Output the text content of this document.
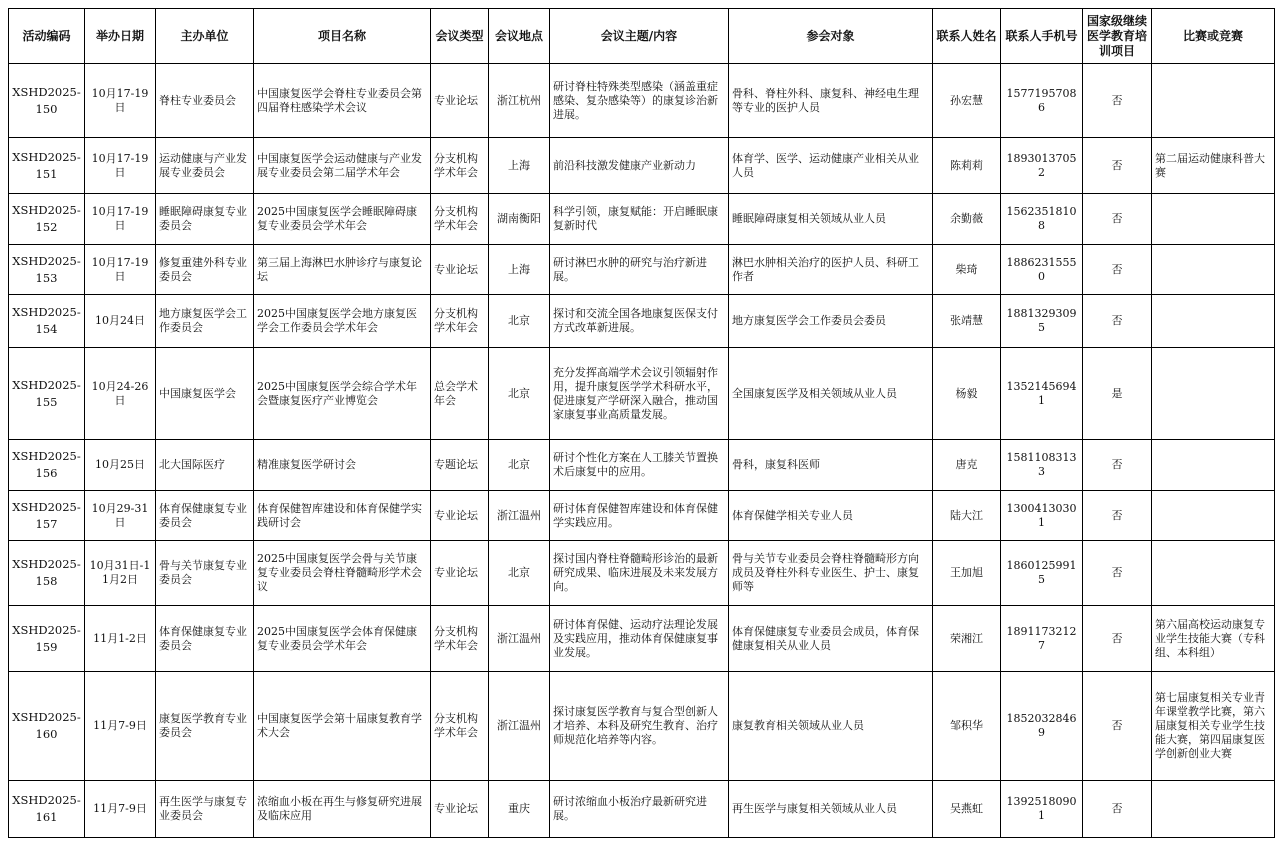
活动编码	举办日期	主办单位	项目名称	会议类型	会议地点	会议主题/内容	参会对象	联系人姓名	联系人手机号	国家级继续医学教育培训项目	比赛或竞赛
XSHD2025-150	10月17-19日	脊柱专业委员会	中国康复医学会脊柱专业委员会第四届脊柱感染学术会议	专业论坛	浙江杭州	研讨脊柱特殊类型感染（涵盖重症感染、复杂感染等）的康复诊治新进展。	骨科、脊柱外科、康复科、神经电生理等专业的医护人员	孙宏慧	15771957086	否	
XSHD2025-151	10月17-19日	运动健康与产业发展专业委员会	中国康复医学会运动健康与产业发展专业委员会第二届学术年会	分支机构学术年会	上海	前沿科技激发健康产业新动力	体育学、医学、运动健康产业相关从业人员	陈莉莉	18930137052	否	第二届运动健康科普大赛
XSHD2025-152	10月17-19日	睡眠障碍康复专业委员会	2025中国康复医学会睡眠障碍康复专业委员会学术年会	分支机构学术年会	湖南衡阳	科学引领，康复赋能：开启睡眠康复新时代	睡眠障碍康复相关领域从业人员	余勤薇	15623518108	否	
XSHD2025-153	10月17-19日	修复重建外科专业委员会	第三届上海淋巴水肿诊疗与康复论坛	专业论坛	上海	研讨淋巴水肿的研究与治疗新进展。	淋巴水肿相关治疗的医护人员、科研工作者	柴琦	18862315550	否	
XSHD2025-154	10月24日	地方康复医学会工作委员会	2025中国康复医学会地方康复医学会工作委员会学术年会	分支机构学术年会	北京	探讨和交流全国各地康复医保支付方式改革新进展。	地方康复医学会工作委员会委员	张靖慧	18813293095	否	
XSHD2025-155	10月24-26日	中国康复医学会	2025中国康复医学会综合学术年会暨康复医疗产业博览会	总会学术年会	北京	充分发挥高端学术会议引领辐射作用，提升康复医学学术科研水平，促进康复产学研深入融合，推动国家康复事业高质量发展。	全国康复医学及相关领域从业人员	杨毅	13521456941	是	
XSHD2025-156	10月25日	北大国际医疗	精准康复医学研讨会	专题论坛	北京	研讨个性化方案在人工膝关节置换术后康复中的应用。	骨科，康复科医师	唐克	15811083133	否	
XSHD2025-157	10月29-31日	体育保健康复专业委员会	体育保健智库建设和体育保健学实践研讨会	专业论坛	浙江温州	研讨体育保健智库建设和体育保健学实践应用。	体育保健学相关专业人员	陆大江	13004130301	否	
XSHD2025-158	10月31日-11月2日	骨与关节康复专业委员会	2025中国康复医学会骨与关节康复专业委员会脊柱脊髓畸形学术会议	专业论坛	北京	探讨国内脊柱脊髓畸形诊治的最新研究成果、临床进展及未来发展方向。	骨与关节专业委员会脊柱脊髓畸形方向成员及脊柱外科专业医生、护士、康复师等	王加旭	18601259915	否	
XSHD2025-159	11月1-2日	体育保健康复专业委员会	2025中国康复医学会体育保健康复专业委员会学术年会	分支机构学术年会	浙江温州	研讨体育保健、运动疗法理论发展及实践应用，推动体育保健康复事业发展。	体育保健康复专业委员会成员，体育保健康复相关从业人员	荣湘江	18911732127	否	第六届高校运动康复专业学生技能大赛（专科组、本科组）
XSHD2025-160	11月7-9日	康复医学教育专业委员会	中国康复医学会第十届康复教育学术大会	分支机构学术年会	浙江温州	探讨康复医学教育与复合型创新人才培养、本科及研究生教育、治疗师规范化培养等内容。	康复教育相关领域从业人员	邹积华	18520328469	否	第七届康复相关专业青年课堂教学比赛，第六届康复相关专业学生技能大赛，第四届康复医学创新创业大赛
XSHD2025-161	11月7-9日	再生医学与康复专业委员会	浓缩血小板在再生与修复研究进展及临床应用	专业论坛	重庆	研讨浓缩血小板治疗最新研究进展。	再生医学与康复相关领域从业人员	吴燕虹	13925180901	否	
